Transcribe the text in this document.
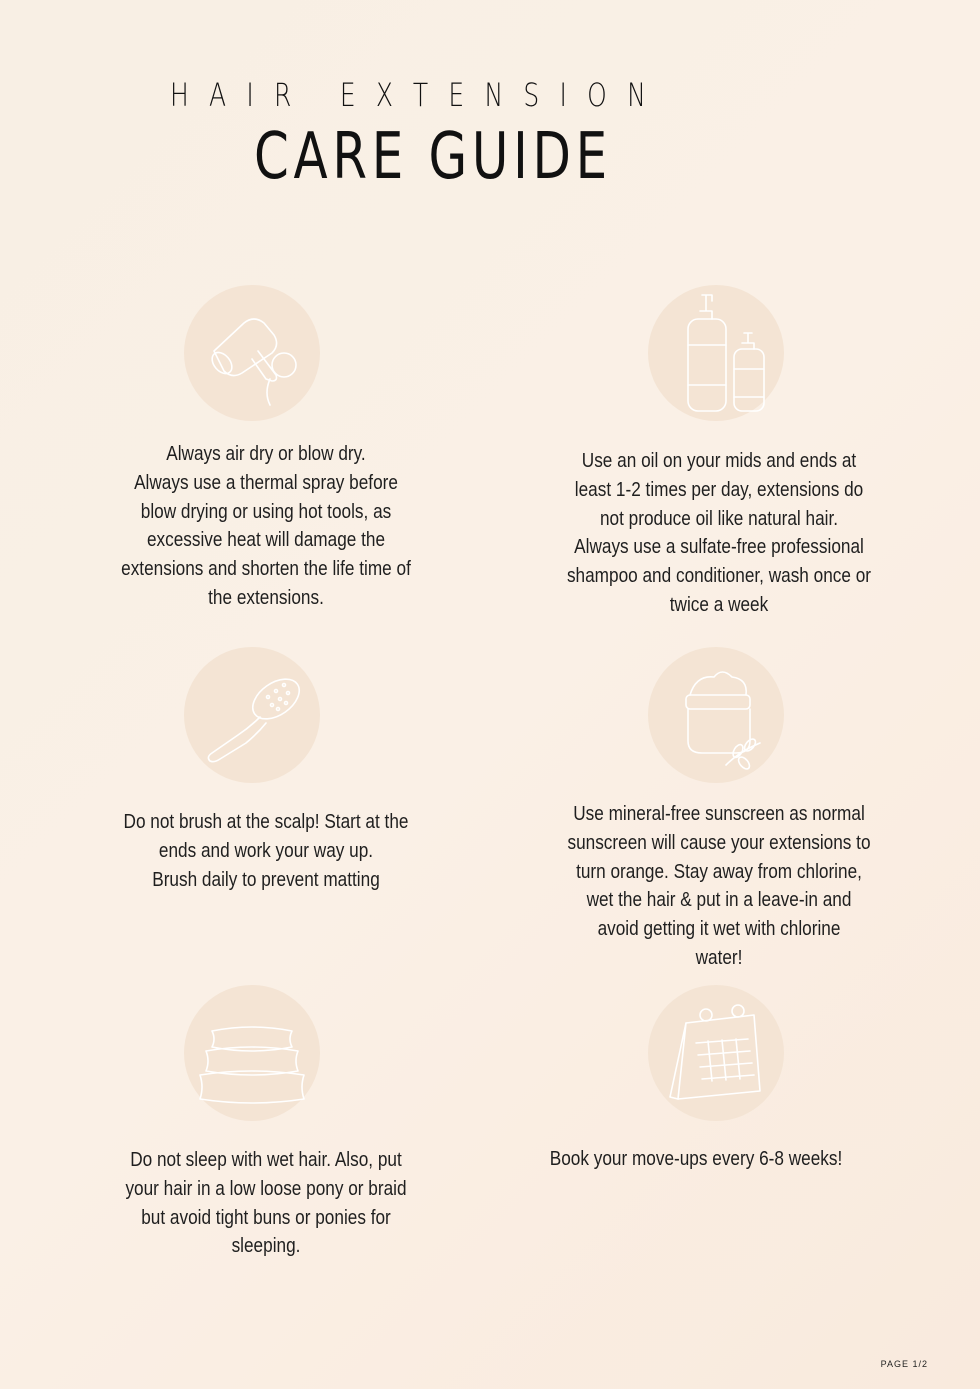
HAIR EXTENSION
CARE GUIDE
Always air dry or blow dry.
Always use a thermal spray before
blow drying or using hot tools, as
excessive heat will damage the
extensions and shorten the life time of
the extensions.
Use an oil on your mids and ends at
least 1-2 times per day, extensions do
not produce oil like natural hair.
Always use a sulfate-free professional
shampoo and conditioner, wash once or
twice a week
Do not brush at the scalp! Start at the
ends and work your way up.
Brush daily to prevent matting
Use mineral-free sunscreen as normal
sunscreen will cause your extensions to
turn orange. Stay away from chlorine,
wet the hair & put in a leave-in and
avoid getting it wet with chlorine
water!
Do not sleep with wet hair. Also, put
your hair in a low loose pony or braid
but avoid tight buns or ponies for
sleeping.
Book your move-ups every 6-8 weeks!
PAGE 1/2
